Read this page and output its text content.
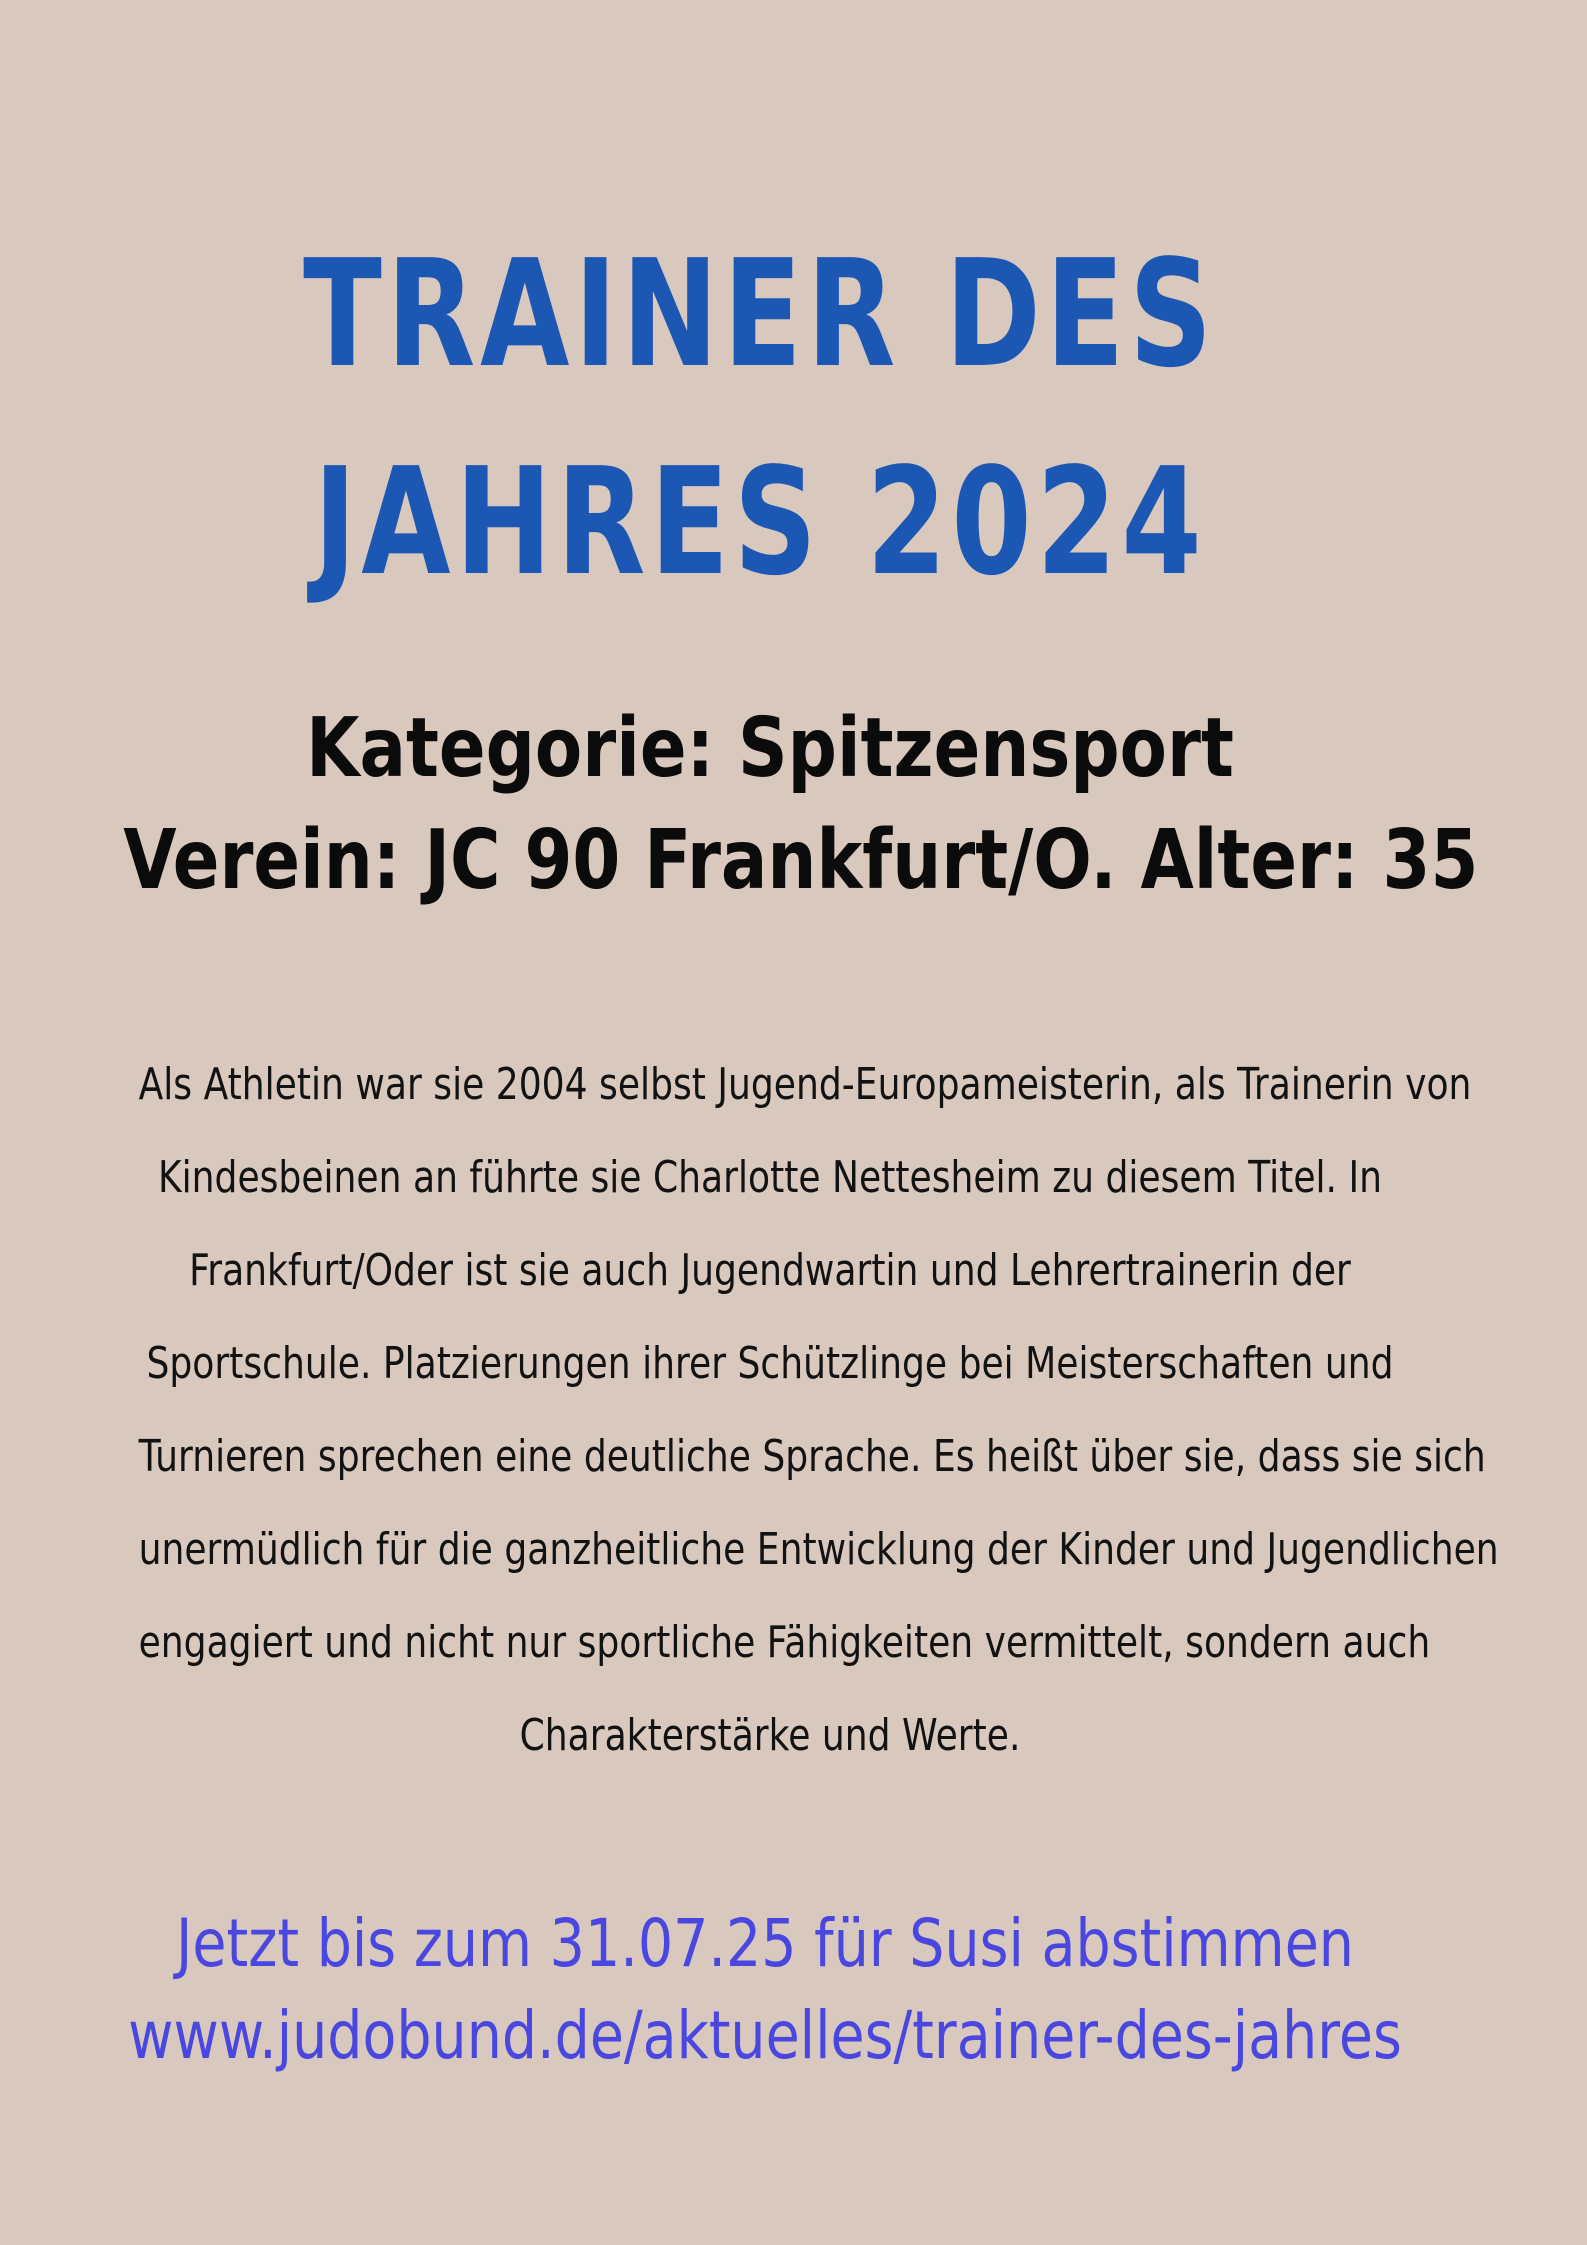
TRAINER DES
JAHRES 2024
Kategorie: Spitzensport
Verein: JC 90 Frankfurt/O. Alter: 35
Als Athletin war sie 2004 selbst Jugend-Europameisterin, als Trainerin von
Kindesbeinen an führte sie Charlotte Nettesheim zu diesem Titel. In
Frankfurt/Oder ist sie auch Jugendwartin und Lehrertrainerin der
Sportschule. Platzierungen ihrer Schützlinge bei Meisterschaften und
Turnieren sprechen eine deutliche Sprache. Es heißt über sie, dass sie sich
unermüdlich für die ganzheitliche Entwicklung der Kinder und Jugendlichen
engagiert und nicht nur sportliche Fähigkeiten vermittelt, sondern auch
Charakterstärke und Werte.
Jetzt bis zum 31.07.25 für Susi abstimmen
www.judobund.de/aktuelles/trainer-des-jahres
